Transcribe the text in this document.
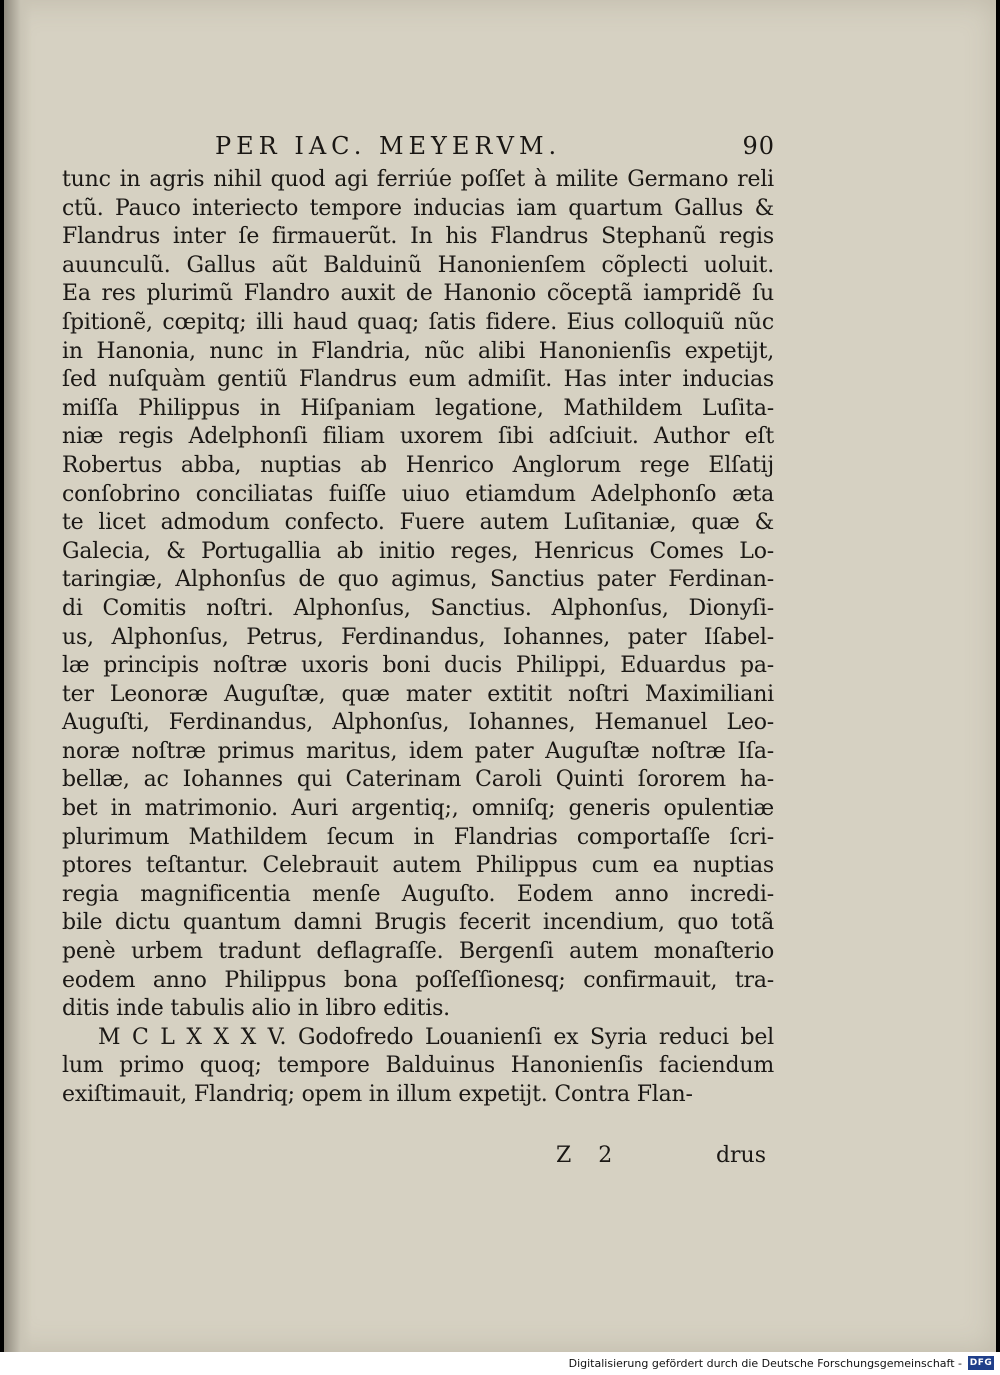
PER IAC. MEYERVM.	90
tunc in agris nihil quod agi ferriúe poſſet à milite Germano reli
ctũ. Pauco interiecto tempore inducias iam quartum Gallus &
Flandrus inter ſe firmauerũt. In his Flandrus Stephanũ regis
auunculũ. Gallus aũt Balduinũ Hanonienſem cõplecti uoluit.
Ea res plurimũ Flandro auxit de Hanonio cõceptã iampridẽ ſu
ſpitionẽ, cœpitq; illi haud quaq; ſatis fidere. Eius colloquiũ nũc
in Hanonia, nunc in Flandria, nũc alibi Hanonienſis expetijt,
ſed nuſquàm gentiũ Flandrus eum admiſit. Has inter inducias
miſſa Philippus in Hiſpaniam legatione, Mathildem Luſita-
niæ regis Adelphonſi filiam uxorem ſibi adſciuit. Author eſt
Robertus abba, nuptias ab Henrico Anglorum rege Elſatij
conſobrino conciliatas fuiſſe uiuo etiamdum Adelphonſo æta
te licet admodum confecto. Fuere autem Luſitaniæ, quæ &
Galecia, & Portugallia ab initio reges, Henricus Comes Lo-
taringiæ, Alphonſus de quo agimus, Sanctius pater Ferdinan-
di Comitis noſtri. Alphonſus, Sanctius. Alphonſus, Dionyſi-
us, Alphonſus, Petrus, Ferdinandus, Iohannes, pater Iſabel-
læ principis noſtræ uxoris boni ducis Philippi, Eduardus pa-
ter Leonoræ Auguſtæ, quæ mater extitit noſtri Maximiliani
Auguſti, Ferdinandus, Alphonſus, Iohannes, Hemanuel Leo-
noræ noſtræ primus maritus, idem pater Auguſtæ noſtræ Iſa-
bellæ, ac Iohannes qui Caterinam Caroli Quinti ſororem ha-
bet in matrimonio. Auri argentiq;, omniſq; generis opulentiæ
plurimum Mathildem ſecum in Flandrias comportaſſe ſcri-
ptores teſtantur. Celebrauit autem Philippus cum ea nuptias
regia magnificentia menſe Auguſto. Eodem anno incredi-
bile dictu quantum damni Brugis fecerit incendium, quo totã
penè urbem tradunt deflagraſſe. Bergenſi autem monaſterio
eodem anno Philippus bona poſſeſſionesq; confirmauit, tra-
ditis inde tabulis alio in libro editis.
M C L X X X V. Godofredo Louanienſi ex Syria reduci bel
lum primo quoq; tempore Balduinus Hanonienſis faciendum
exiſtimauit, Flandriq; opem in illum expetijt. Contra Flan-
Z 2	drus
Digitalisierung gefördert durch die Deutsche Forschungsgemeinschaft - DFG
